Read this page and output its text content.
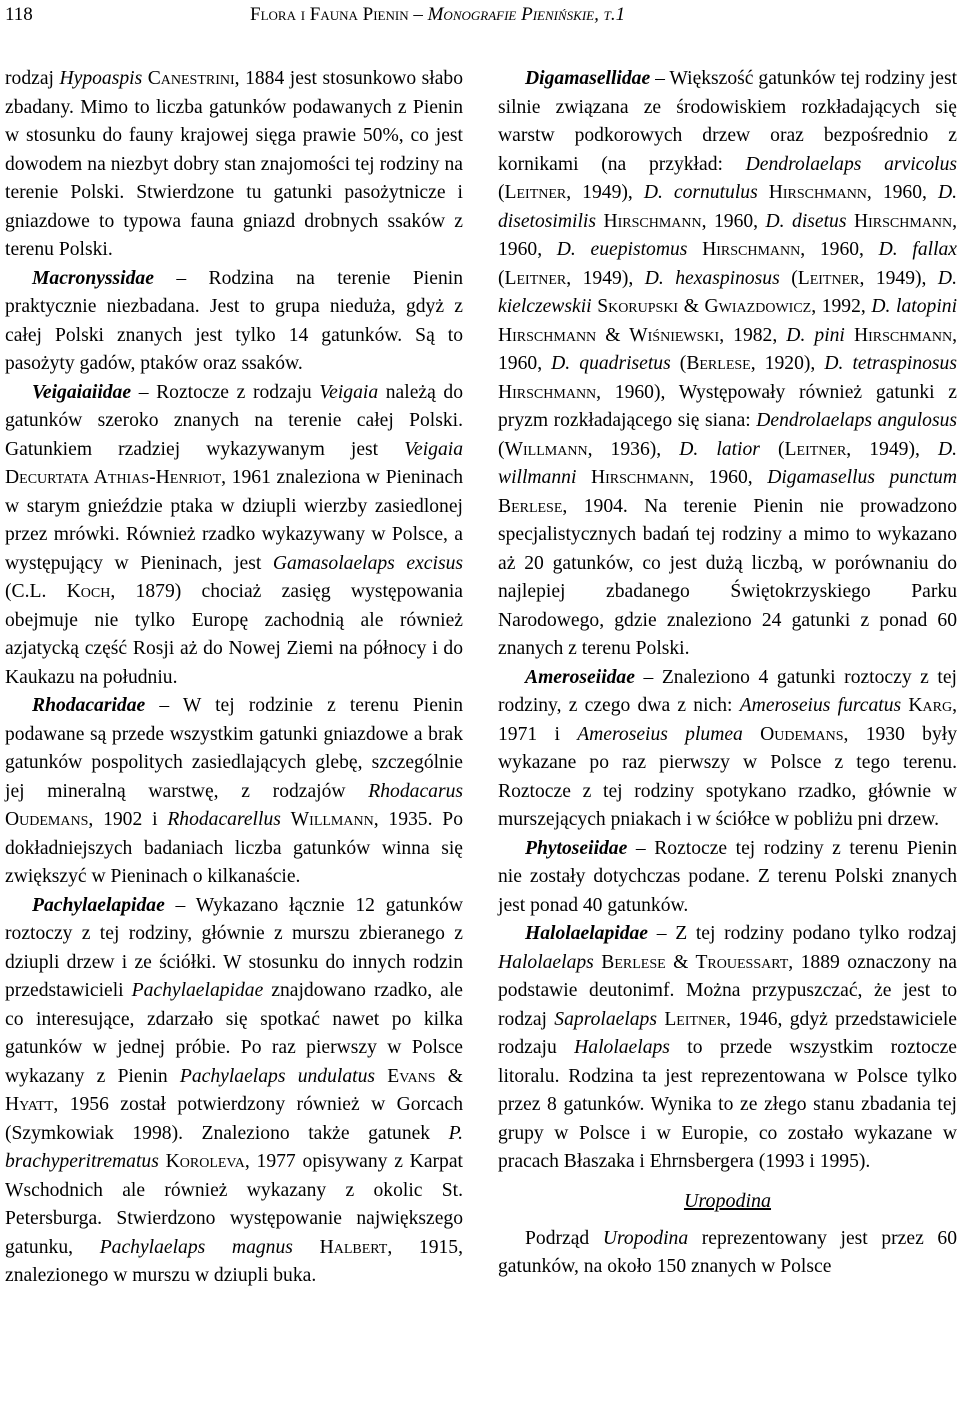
118	Flora i Fauna Pienin – Monografie Pienińskie, t.1

rodzaj Hypoaspis Canestrini, 1884 jest stosunkowo słabo zbadany. Mimo to liczba gatunków podawanych z Pienin w stosunku do fauny krajowej sięga prawie 50%, co jest dowodem na niezbyt dobry stan znajomości tej rodziny na terenie Polski. Stwierdzone tu gatunki pasożytnicze i gniazdowe to typowa fauna gniazd drobnych ssaków z terenu Polski.

Macronyssidae – Rodzina na terenie Pienin praktycznie niezbadana. Jest to grupa nieduża, gdyż z całej Polski znanych jest tylko 14 gatunków. Są to pasożyty gadów, ptaków oraz ssaków.

Veigaiaiidae – Roztocze z rodzaju Veigaia należą do gatunków szeroko znanych na terenie całej Polski. Gatunkiem rzadziej wykazywanym jest Veigaia Decurtata Athias-Henriot, 1961 znaleziona w Pieninach w starym gnieździe ptaka w dziupli wierzby zasiedlonej przez mrówki. Również rzadko wykazywany w Polsce, a występujący w Pieninach, jest Gamasolaelaps excisus (C.L. Koch, 1879) chociaż zasięg występowania obejmuje nie tylko Europę zachodnią ale również azjatycką część Rosji aż do Nowej Ziemi na północy i do Kaukazu na południu.

Rhodacaridae – W tej rodzinie z terenu Pienin podawane są przede wszystkim gatunki gniazdowe a brak gatunków pospolitych zasiedlających glebę, szczególnie jej mineralną warstwę, z rodzajów Rhodacarus Oudemans, 1902 i Rhodacarellus Willmann, 1935. Po dokładniejszych badaniach liczba gatunków winna się zwiększyć w Pieninach o kilkanaście.

Pachylaelapidae – Wykazano łącznie 12 gatunków roztoczy z tej rodziny, głównie z murszu zbieranego z dziupli drzew i ze ściółki. W stosunku do innych rodzin przedstawicieli Pachylaelapidae znajdowano rzadko, ale co interesujące, zdarzało się spotkać nawet po kilka gatunków w jednej próbie. Po raz pierwszy w Polsce wykazany z Pienin Pachylaelaps undulatus Evans & Hyatt, 1956 został potwierdzony również w Gorcach (Szymkowiak 1998). Znaleziono także gatunek P. brachyperitrematus Koroleva, 1977 opisywany z Karpat Wschodnich ale również wykazany z okolic St. Petersburga. Stwierdzono występowanie największego gatunku, Pachylaelaps magnus Halbert, 1915, znalezionego w murszu w dziupli buka.

Digamasellidae – Większość gatunków tej rodziny jest silnie związana ze środowiskiem rozkładających się warstw podkorowych drzew oraz bezpośrednio z kornikami (na przykład: Dendrolaelaps arvicolus (Leitner, 1949), D. cornutulus Hirschmann, 1960, D. disetosimilis Hirschmann, 1960, D. disetus Hirschmann, 1960, D. euepistomus Hirschmann, 1960, D. fallax (Leitner, 1949), D. hexaspinosus (Leitner, 1949), D. kielczewskii Skorupski & Gwiazdowicz, 1992, D. latopini Hirschmann & Wiśniewski, 1982, D. pini Hirschmann, 1960, D. quadrisetus (Berlese, 1920), D. tetraspinosus Hirschmann, 1960), Występowały również gatunki z pryzm rozkładającego się siana: Dendrolaelaps angulosus (Willmann, 1936), D. latior (Leitner, 1949), D. willmanni Hirschmann, 1960, Digamasellus punctum Berlese, 1904. Na terenie Pienin nie prowadzono specjalistycznych badań tej rodziny a mimo to wykazano aż 20 gatunków, co jest dużą liczbą, w porównaniu do najlepiej zbadanego Świętokrzyskiego Parku Narodowego, gdzie znaleziono 24 gatunki z ponad 60 znanych z terenu Polski.

Ameroseiidae – Znaleziono 4 gatunki roztoczy z tej rodziny, z czego dwa z nich: Ameroseius furcatus Karg, 1971 i Ameroseius plumea Oudemans, 1930 były wykazane po raz pierwszy w Polsce z tego terenu. Roztocze z tej rodziny spotykano rzadko, głównie w murszejących pniakach i w ściółce w pobliżu pni drzew.

Phytoseiidae – Roztocze tej rodziny z terenu Pienin nie zostały dotychczas podane. Z terenu Polski znanych jest ponad 40 gatunków.

Halolaelapidae – Z tej rodziny podano tylko rodzaj Halolaelaps Berlese & Trouessart, 1889 oznaczony na podstawie deutonimf. Można przypuszczać, że jest to rodzaj Saprolaelaps Leitner, 1946, gdyż przedstawiciele rodzaju Halolaelaps to przede wszystkim roztocze litoralu. Rodzina ta jest reprezentowana w Polsce tylko przez 8 gatunków. Wynika to ze złego stanu zbadania tej grupy w Polsce i w Europie, co zostało wykazane w pracach Błaszaka i Ehrnsbergera (1993 i 1995).

Uropodina

Podrząd Uropodina reprezentowany jest przez 60 gatunków, na około 150 znanych w Polsce
